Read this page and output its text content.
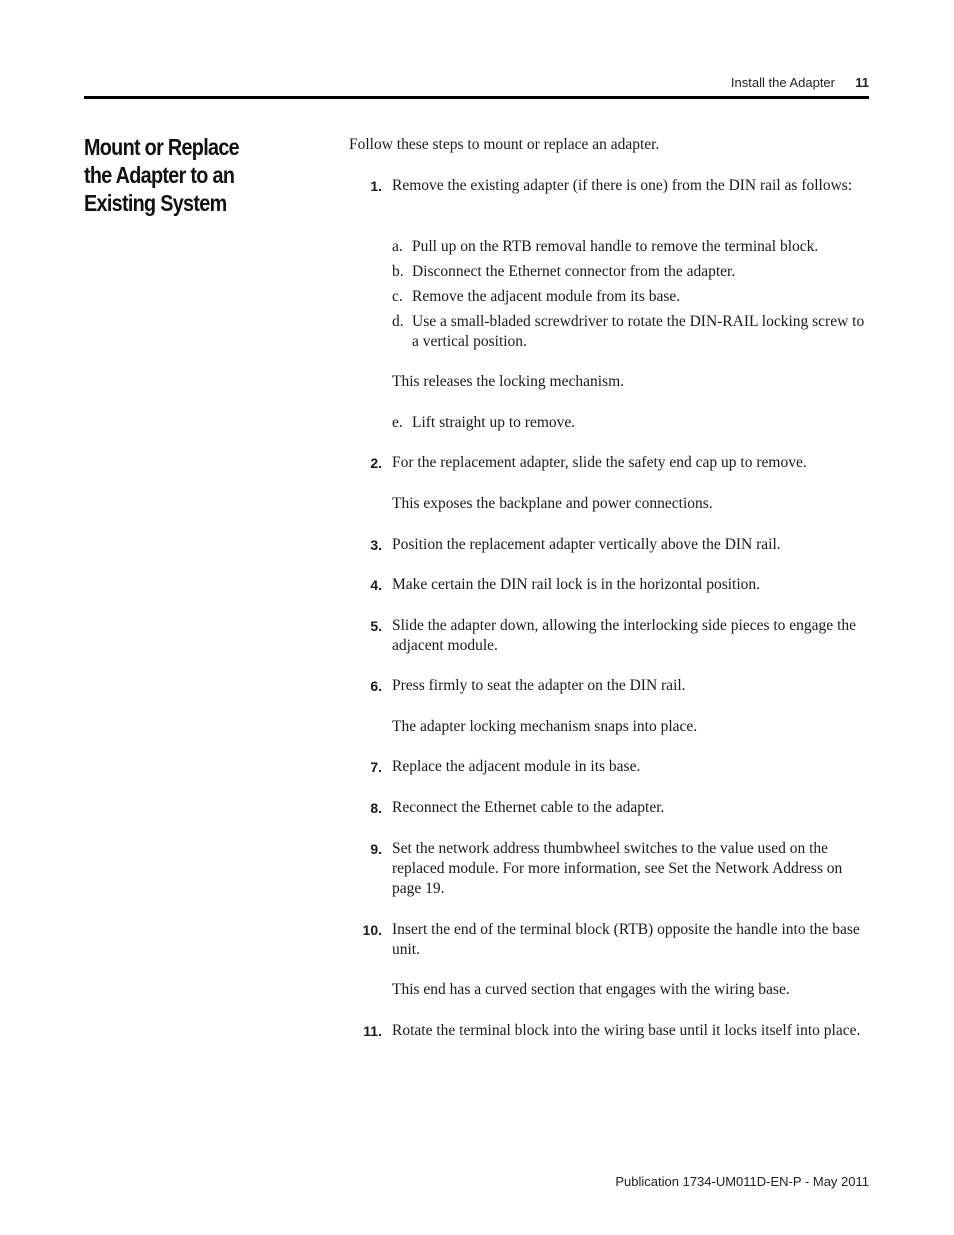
Install the Adapter 11
Mount or Replace the Adapter to an Existing System
Follow these steps to mount or replace an adapter.
1. Remove the existing adapter (if there is one) from the DIN rail as follows:
a. Pull up on the RTB removal handle to remove the terminal block.
b. Disconnect the Ethernet connector from the adapter.
c. Remove the adjacent module from its base.
d. Use a small-bladed screwdriver to rotate the DIN-RAIL locking screw to a vertical position.
This releases the locking mechanism.
e. Lift straight up to remove.
2. For the replacement adapter, slide the safety end cap up to remove.
This exposes the backplane and power connections.
3. Position the replacement adapter vertically above the DIN rail.
4. Make certain the DIN rail lock is in the horizontal position.
5. Slide the adapter down, allowing the interlocking side pieces to engage the adjacent module.
6. Press firmly to seat the adapter on the DIN rail.
The adapter locking mechanism snaps into place.
7. Replace the adjacent module in its base.
8. Reconnect the Ethernet cable to the adapter.
9. Set the network address thumbwheel switches to the value used on the replaced module. For more information, see Set the Network Address on page 19.
10. Insert the end of the terminal block (RTB) opposite the handle into the base unit.
This end has a curved section that engages with the wiring base.
11. Rotate the terminal block into the wiring base until it locks itself into place.
Publication 1734-UM011D-EN-P - May 2011
